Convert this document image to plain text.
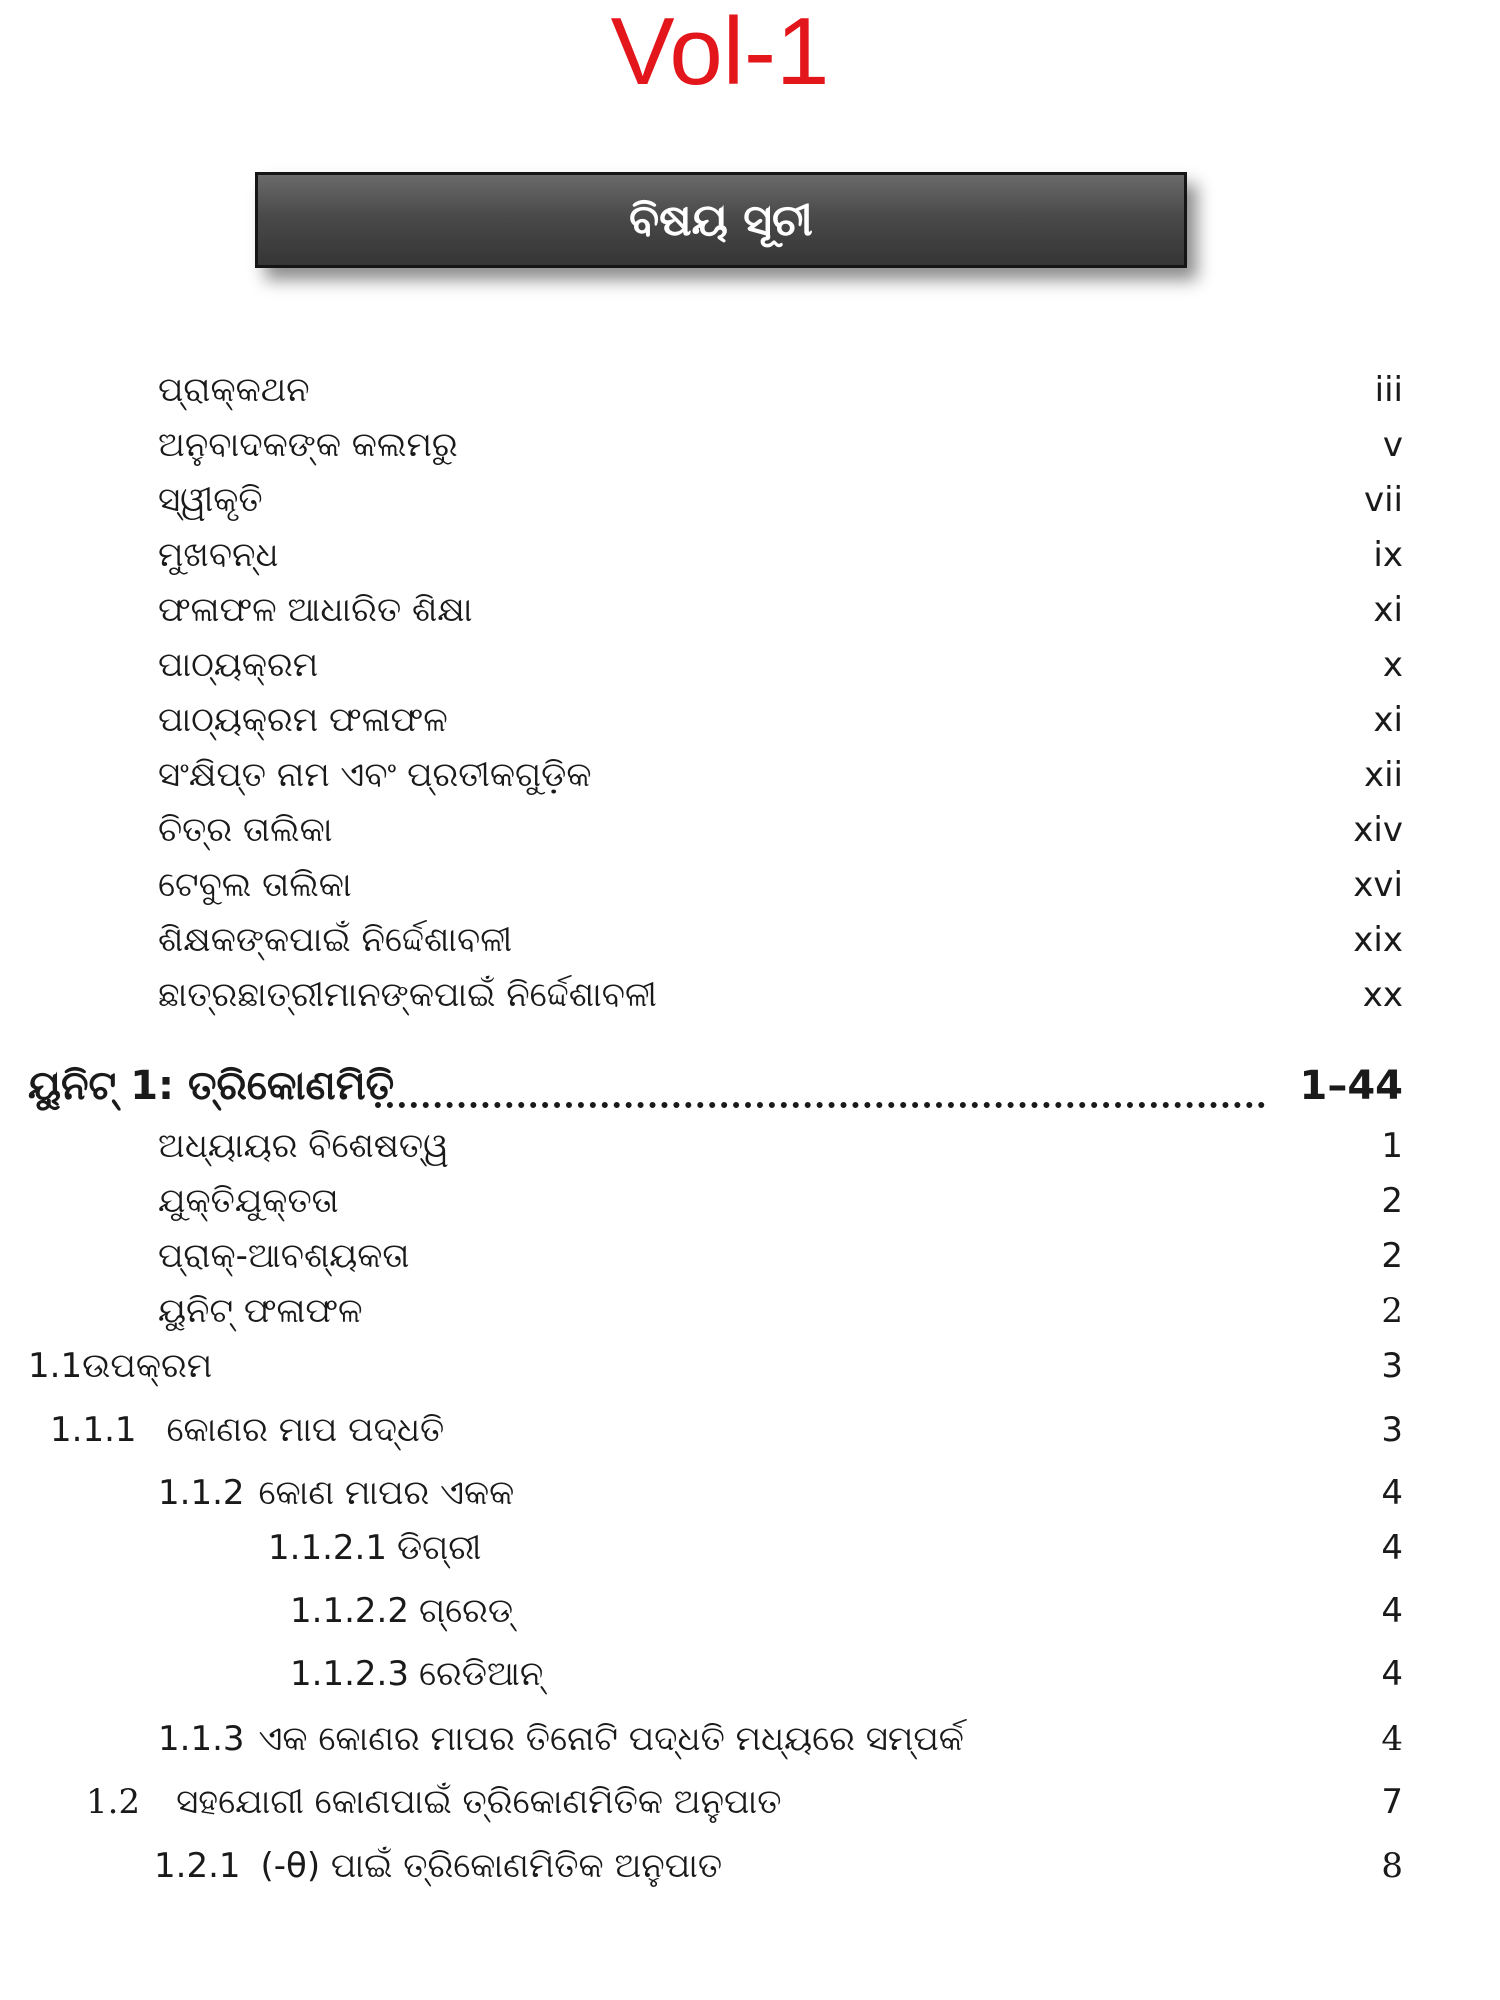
Vol-1
ବିଷୟ ସୂଚୀ
ପ୍ରାକ୍‌କଥନ	iii
ଅନୁବାଦକଙ୍କ କଲମରୁ	v
ସ୍ୱୀକୃତି	vii
ମୁଖବନ୍ଧ	ix
ଫଳାଫଳ ଆଧାରିତ ଶିକ୍ଷା	xi
ପାଠ୍ୟକ୍ରମ	x
ପାଠ୍ୟକ୍ରମ ଫଳାଫଳ	xi
ସଂକ୍ଷିପ୍ତ ନାମ ଏବଂ ପ୍ରତୀକଗୁଡ଼ିକ	xii
ଚିତ୍ର ତାଲିକା	xiv
ଟେବୁଲ ତାଲିକା	xvi
ଶିକ୍ଷକଙ୍କପାଇଁ ନିର୍ଦ୍ଦେଶାବଳୀ	xix
ଛାତ୍ରଛାତ୍ରୀମାନଙ୍କପାଇଁ ନିର୍ଦ୍ଦେଶାବଳୀ	xx
ୟୁନିଟ୍ 1: ତ୍ରିକୋଣମିତି	1–44
ଅଧ୍ୟାୟର ବିଶେଷତ୍ୱ	1
ଯୁକ୍ତିଯୁକ୍ତତା	2
ପ୍ରାକ୍-ଆବଶ୍ୟକତା	2
ୟୁନିଟ୍ ଫଳାଫଳ	2
1.1ଉପକ୍ରମ	3
1.1.1 କୋଣର ମାପ ପଦ୍ଧତି	3
1.1.2 କୋଣ ମାପର ଏକକ	4
1.1.2.1 ଡିଗ୍ରୀ	4
1.1.2.2 ଗ୍ରେଡ୍	4
1.1.2.3 ରେଡିଆନ୍	4
1.1.3 ଏକ କୋଣର ମାପର ତିନୋଟି ପଦ୍ଧତି ମଧ୍ୟରେ ସମ୍ପର୍କ	4
1.2 ସହଯୋଗୀ କୋଣପାଇଁ ତ୍ରିକୋଣମିତିକ ଅନୁପାତ	7
1.2.1 (-θ) ପାଇଁ ତ୍ରିକୋଣମିତିକ ଅନୁପାତ	8
